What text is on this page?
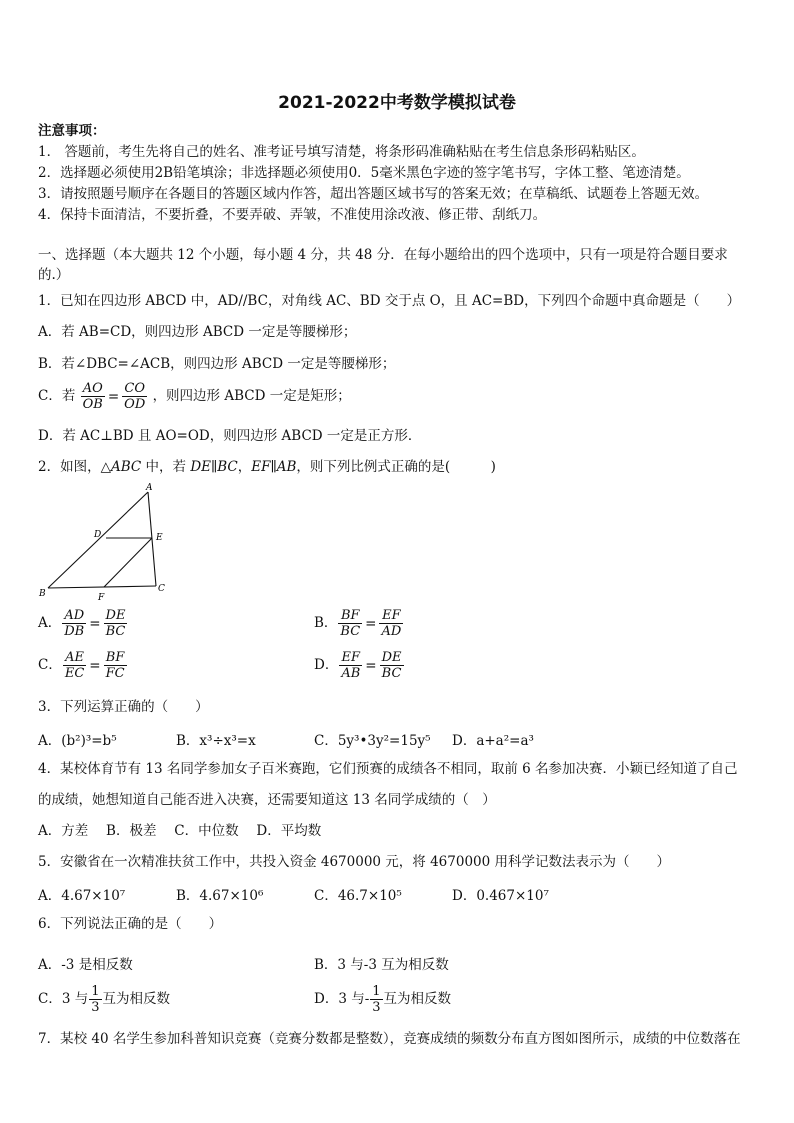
2021-2022中考数学模拟试卷
注意事项：
1． 答题前，考生先将自己的姓名、准考证号填写清楚，将条形码准确粘贴在考生信息条形码粘贴区。
2．选择题必须使用2B铅笔填涂；非选择题必须使用0．5毫米黑色字迹的签字笔书写，字体工整、笔迹清楚。
3．请按照题号顺序在各题目的答题区域内作答，超出答题区域书写的答案无效；在草稿纸、试题卷上答题无效。
4．保持卡面清洁，不要折叠，不要弄破、弄皱，不准使用涂改液、修正带、刮纸刀。
一、选择题（本大题共 12 个小题，每小题 4 分，共 48 分．在每小题给出的四个选项中，只有一项是符合题目要求
的.）
1．已知在四边形 ABCD 中，AD//BC，对角线 AC、BD 交于点 O，且 AC=BD，下列四个命题中真命题是（　　）
A．若 AB=CD，则四边形 ABCD 一定是等腰梯形；
B．若∠DBC=∠ACB，则四边形 ABCD 一定是等腰梯形；
C．若 $\frac{AO}{OB} = \frac{CO}{OD}$ ，则四边形 ABCD 一定是矩形；
D．若 AC⊥BD 且 AO=OD，则四边形 ABCD 一定是正方形．
2．如图，△ABC 中，若 DE∥BC，EF∥AB，则下列比例式正确的是(　　　)
A
B	C
D	E
F
A． $\frac{AD}{DB} = \frac{DE}{BC}$	B． $\frac{BF}{BC} = \frac{EF}{AD}$
C． $\frac{AE}{EC} = \frac{BF}{FC}$	D． $\frac{EF}{AB} = \frac{DE}{BC}$
3．下列运算正确的（　　）
A．(b²)³=b⁵	B．x³÷x³=x	C．5y³•3y²=15y⁵ D．a+a²=a³
4．某校体育节有 13 名同学参加女子百米赛跑，它们预赛的成绩各不相同，取前 6 名参加决赛．小颖已经知道了自己
的成绩，她想知道自己能否进入决赛，还需要知道这 13 名同学成绩的（　）
A．方差　 B．极差　 C．中位数　 D．平均数
5．安徽省在一次精准扶贫工作中，共投入资金 4670000 元，将 4670000 用科学记数法表示为（　　）
A．4.67×10⁷	B．4.67×10⁶	C．46.7×10⁵	D．0.467×10⁷
6．下列说法正确的是（　　）
A．-3 是相反数	B．3 与-3 互为相反数
C．3 与 $\frac{1}{3}$ 互为相反数	D．3 与- $\frac{1}{3}$ 互为相反数
7．某校 40 名学生参加科普知识竞赛（竞赛分数都是整数），竞赛成绩的频数分布直方图如图所示，成绩的中位数落在
